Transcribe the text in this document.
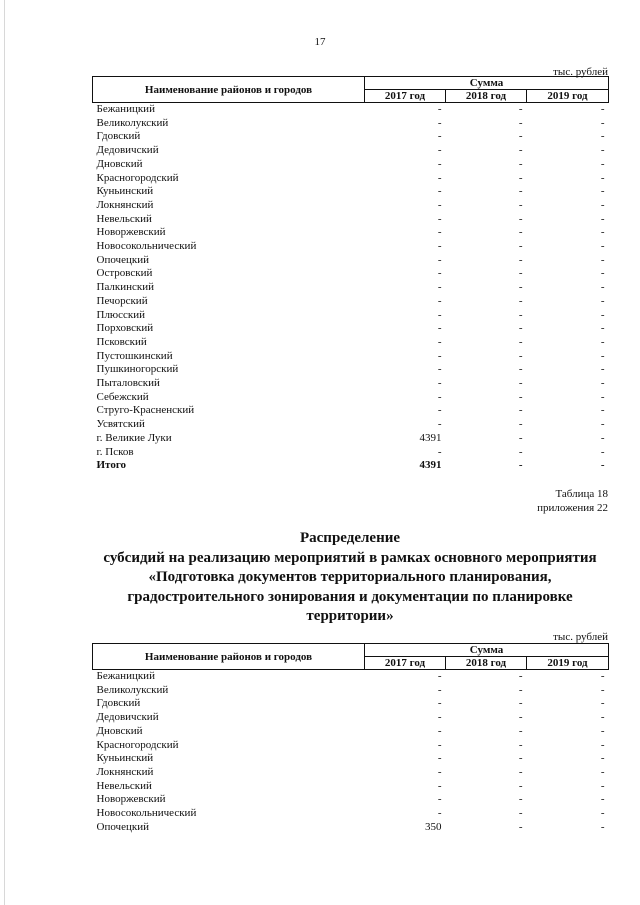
17
тыс. рублей
Наименование районов и городов	Сумма		
	2017 год	2018 год	2019 год
Бежаницкий	-	-	-
Великолукский	-	-	-
Гдовский	-	-	-
Дедовичский	-	-	-
Дновский	-	-	-
Красногородский	-	-	-
Куньинский	-	-	-
Локнянский	-	-	-
Невельский	-	-	-
Новоржевский	-	-	-
Новосокольнический	-	-	-
Опочецкий	-	-	-
Островский	-	-	-
Палкинский	-	-	-
Печорский	-	-	-
Плюсский	-	-	-
Порховский	-	-	-
Псковский	-	-	-
Пустошкинский	-	-	-
Пушкиногорский	-	-	-
Пыталовский	-	-	-
Себежский	-	-	-
Струго-Красненский	-	-	-
Усвятский	-	-	-
г. Великие Луки	4391	-	-
г. Псков	-	-	-
Итого	4391	-	-
Таблица 18
приложения 22
Распределение
субсидий на реализацию мероприятий в рамках основного мероприятия
«Подготовка документов территориального планирования,
градостроительного зонирования и документации по планировке
территории»
тыс. рублей
Наименование районов и городов	Сумма		
	2017 год	2018 год	2019 год
Бежаницкий	-	-	-
Великолукский	-	-	-
Гдовский	-	-	-
Дедовичский	-	-	-
Дновский	-	-	-
Красногородский	-	-	-
Куньинский	-	-	-
Локнянский	-	-	-
Невельский	-	-	-
Новоржевский	-	-	-
Новосокольнический	-	-	-
Опочецкий	350	-	-
